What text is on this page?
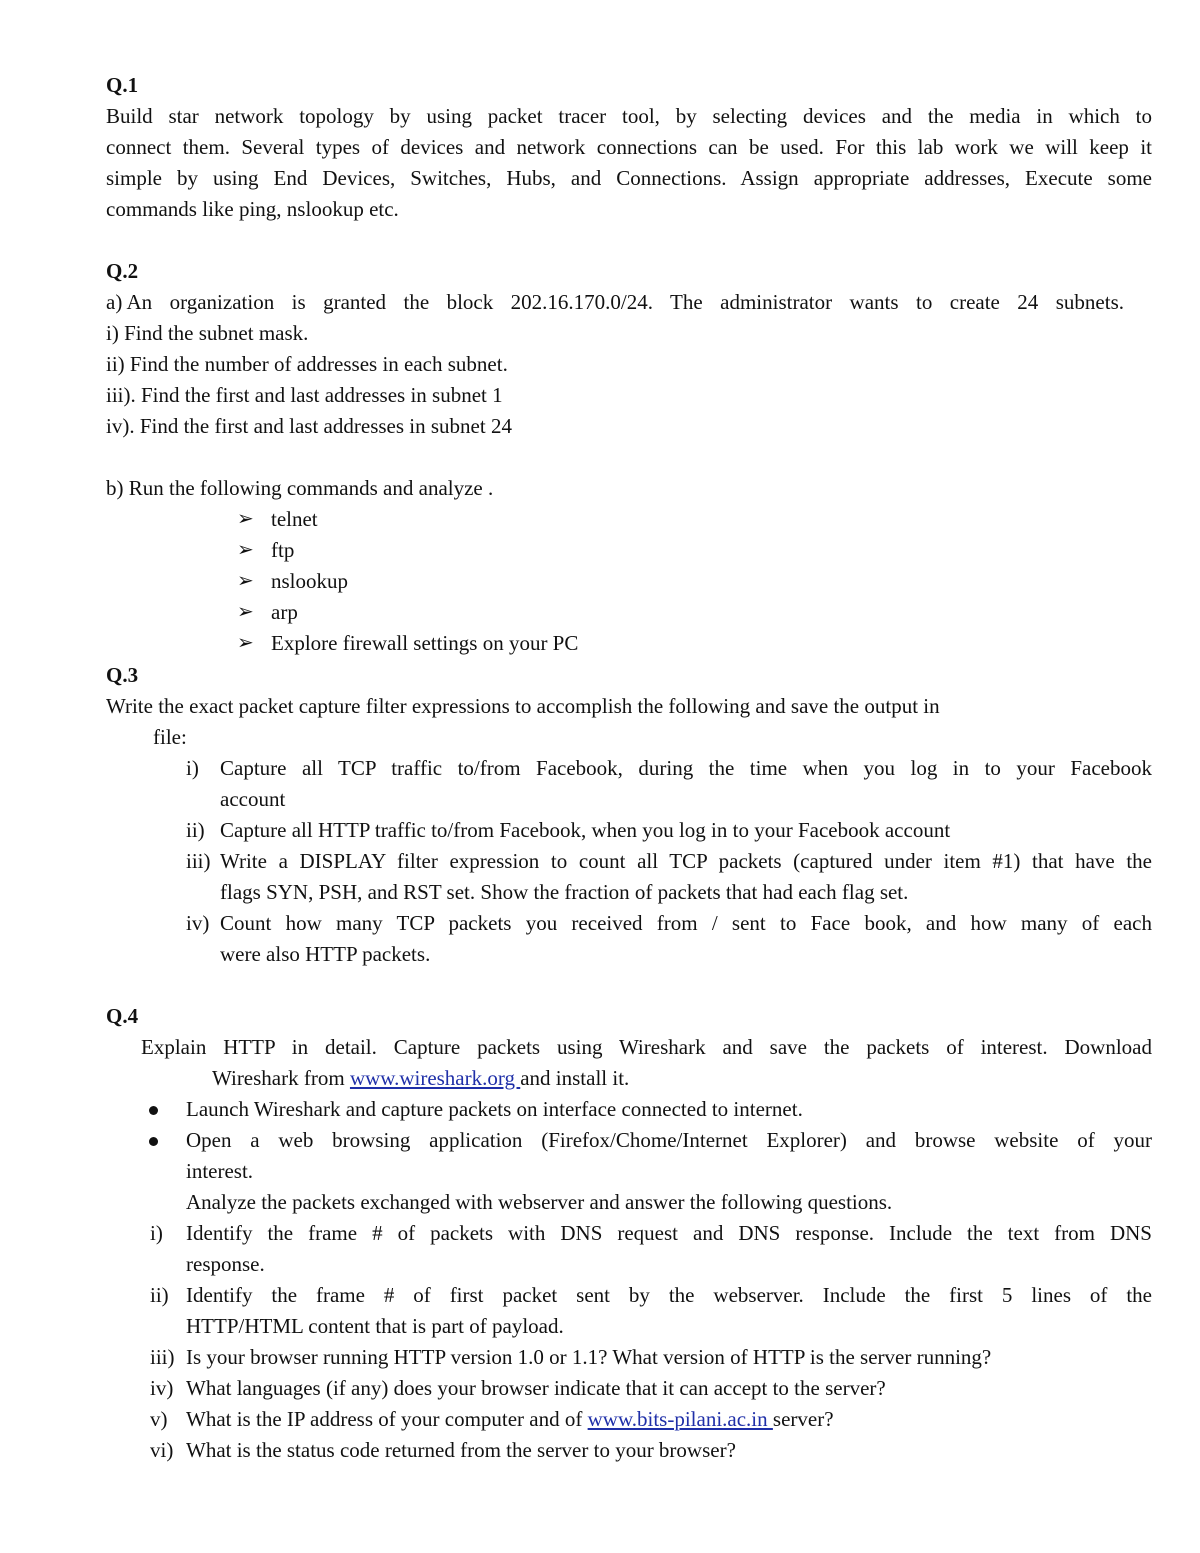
Q.1
Build star network topology by using packet tracer tool, by selecting devices and the media in which to
connect them. Several types of devices and network connections can be used. For this lab work we will keep it
simple by using End Devices, Switches, Hubs, and Connections. Assign appropriate addresses, Execute some
commands like ping, nslookup etc.
Q.2
a) An organization is granted the block 202.16.170.0/24. The administrator wants to create 24 subnets.
i) Find the subnet mask.
ii) Find the number of addresses in each subnet.
iii). Find the first and last addresses in subnet 1
iv). Find the first and last addresses in subnet 24
b) Run the following commands and analyze .
➢ telnet
➢ ftp
➢ nslookup
➢ arp
➢ Explore firewall settings on your PC
Q.3
Write the exact packet capture filter expressions to accomplish the following and save the output in
file:
i) Capture all TCP traffic to/from Facebook, during the time when you log in to your Facebook
account
ii) Capture all HTTP traffic to/from Facebook, when you log in to your Facebook account
iii) Write a DISPLAY filter expression to count all TCP packets (captured under item #1) that have the
flags SYN, PSH, and RST set. Show the fraction of packets that had each flag set.
iv) Count how many TCP packets you received from / sent to Face book, and how many of each
were also HTTP packets.
Q.4
Explain HTTP in detail. Capture packets using Wireshark and save the packets of interest. Download
Wireshark from www.wireshark.org and install it.
Launch Wireshark and capture packets on interface connected to internet.
Open a web browsing application (Firefox/Chome/Internet Explorer) and browse website of your
interest.
Analyze the packets exchanged with webserver and answer the following questions.
i) Identify the frame # of packets with DNS request and DNS response. Include the text from DNS
response.
ii) Identify the frame # of first packet sent by the webserver. Include the first 5 lines of the
HTTP/HTML content that is part of payload.
iii) Is your browser running HTTP version 1.0 or 1.1? What version of HTTP is the server running?
iv) What languages (if any) does your browser indicate that it can accept to the server?
v) What is the IP address of your computer and of www.bits-pilani.ac.in server?
vi) What is the status code returned from the server to your browser?
